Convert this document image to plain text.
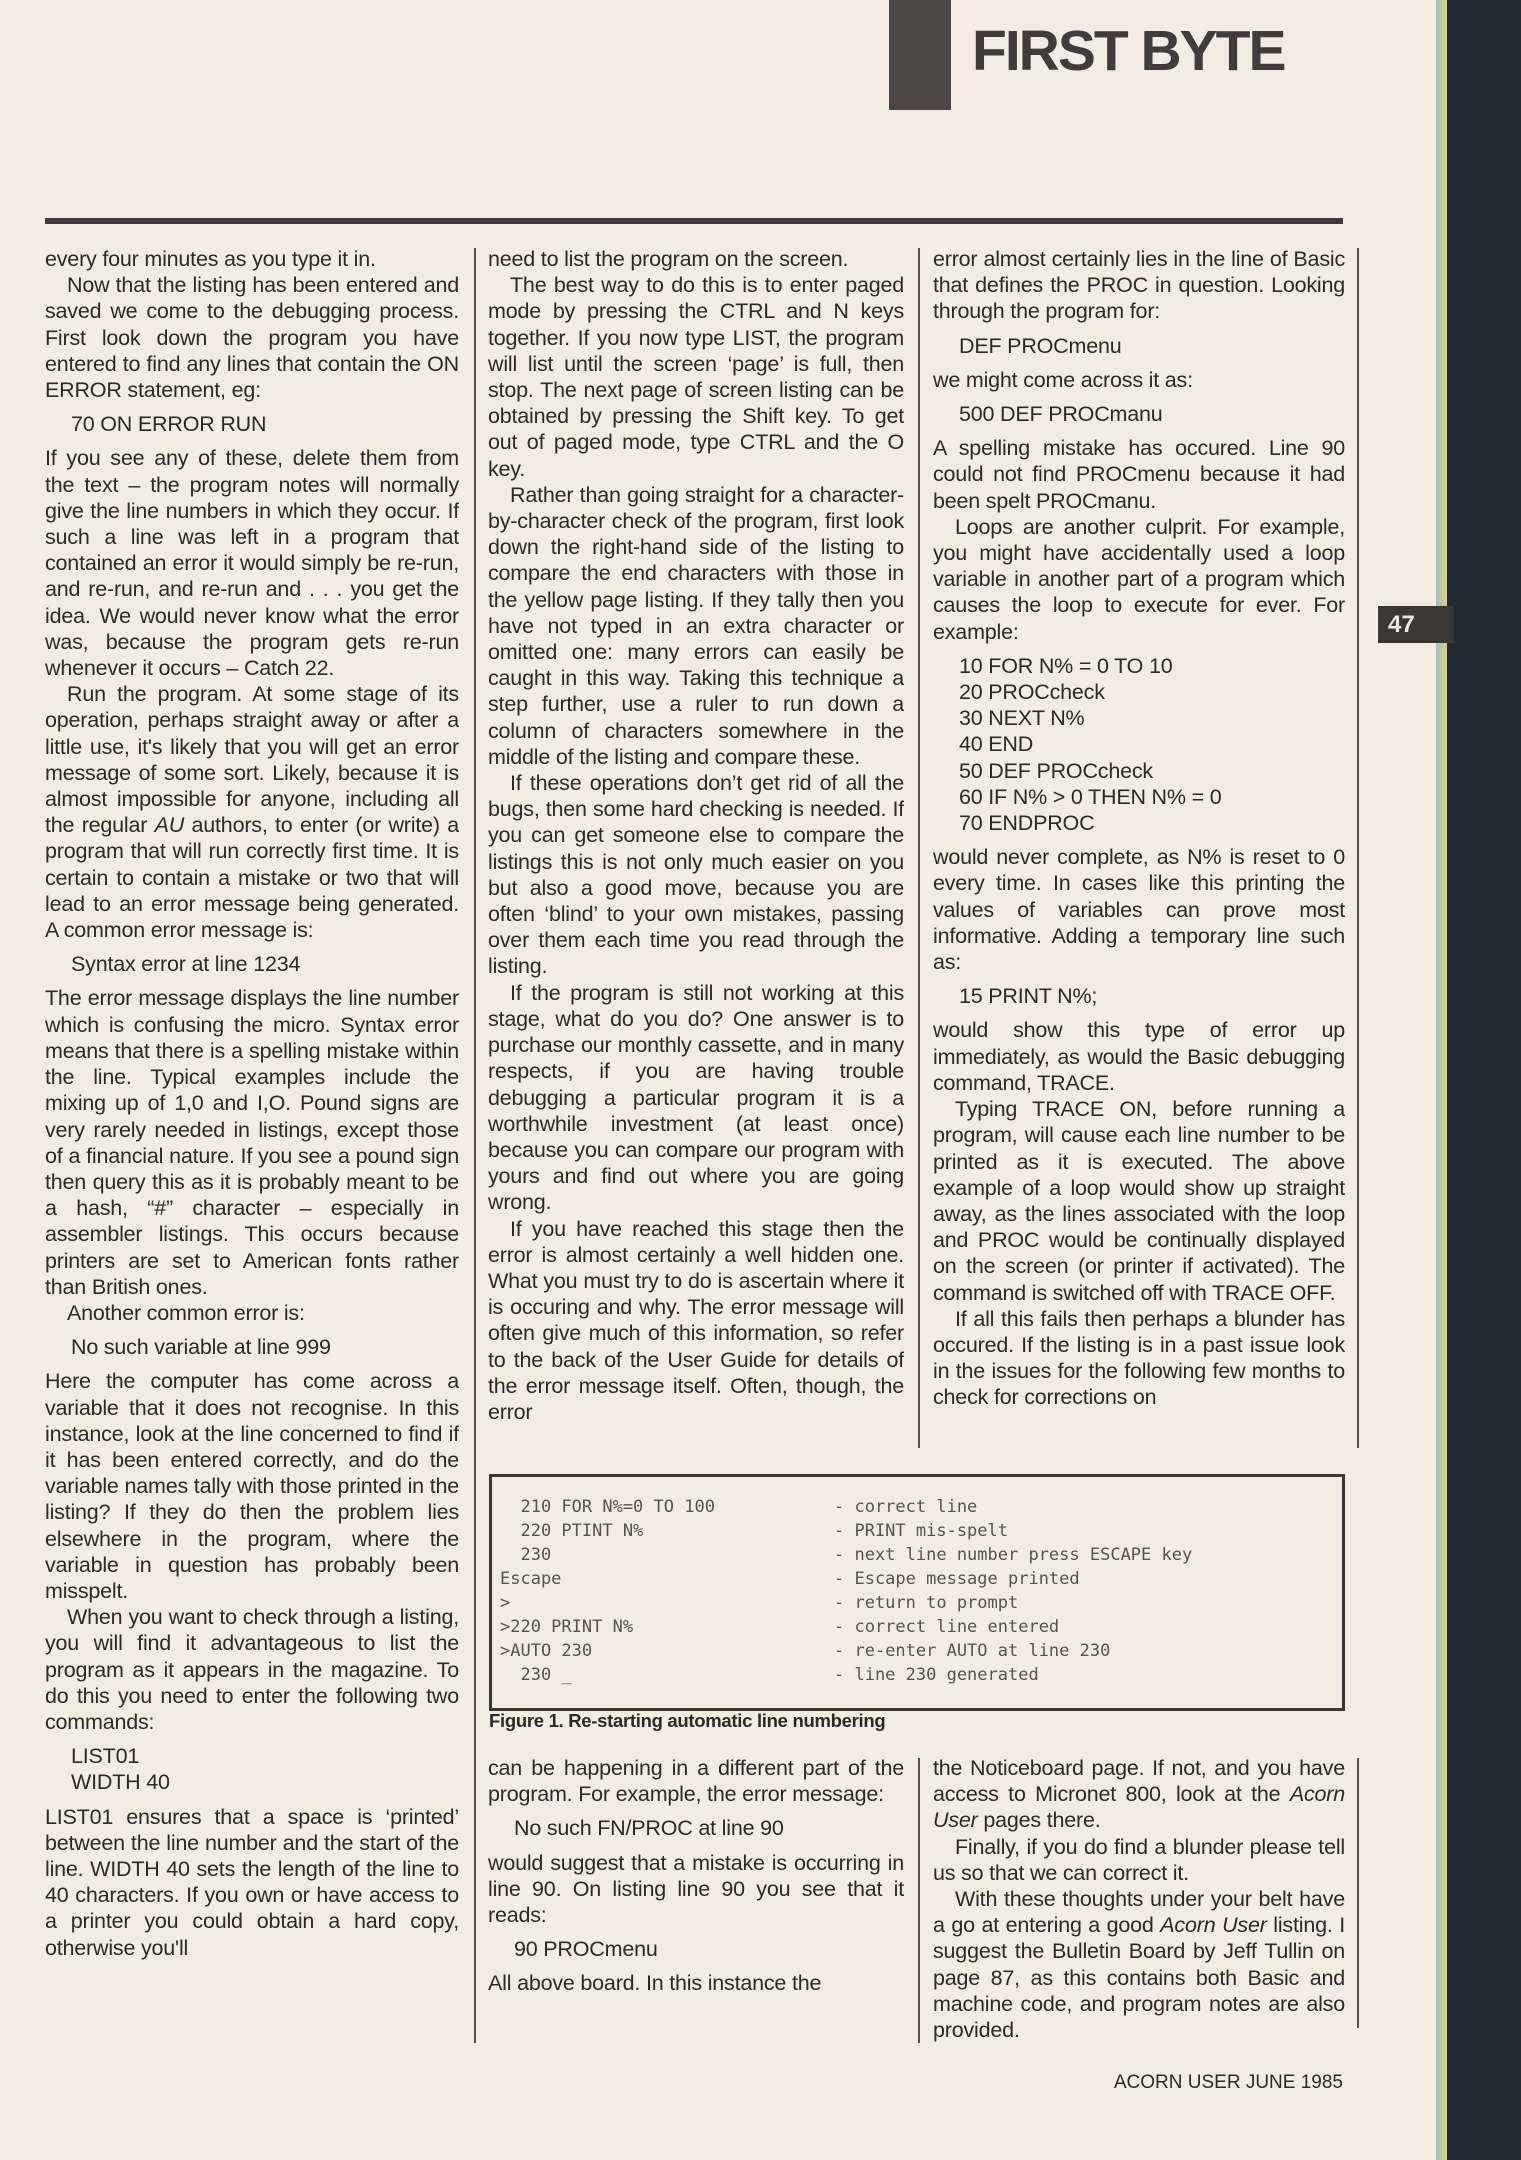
FIRST BYTE
47

every four minutes as you type it in.

Now that the listing has been entered and saved we come to the debugging process. First look down the program you have entered to find any lines that contain the ON ERROR statement, eg:

70 ON ERROR RUN

If you see any of these, delete them from the text – the program notes will normally give the line numbers in which they occur. If such a line was left in a program that contained an error it would simply be re-run, and re-run, and re-run and . . . you get the idea. We would never know what the error was, because the program gets re-run whenever it occurs – Catch 22.

Run the program. At some stage of its operation, perhaps straight away or after a little use, it's likely that you will get an error message of some sort. Likely, because it is almost impossible for anyone, including all the regular AU authors, to enter (or write) a program that will run correctly first time. It is certain to contain a mistake or two that will lead to an error message being generated. A common error message is:

Syntax error at line 1234

The error message displays the line number which is confusing the micro. Syntax error means that there is a spelling mistake within the line. Typical examples include the mixing up of 1,0 and I,O. Pound signs are very rarely needed in listings, except those of a financial nature. If you see a pound sign then query this as it is probably meant to be a hash, “#” character – especially in assembler listings. This occurs because printers are set to American fonts rather than British ones.

Another common error is:

No such variable at line 999

Here the computer has come across a variable that it does not recognise. In this instance, look at the line concerned to find if it has been entered correctly, and do the variable names tally with those printed in the listing? If they do then the problem lies elsewhere in the program, where the variable in question has probably been misspelt.

When you want to check through a listing, you will find it advantageous to list the program as it appears in the magazine. To do this you need to enter the following two commands:

LIST01
WIDTH 40

LIST01 ensures that a space is ‘printed’ between the line number and the start of the line. WIDTH 40 sets the length of the line to 40 characters. If you own or have access to a printer you could obtain a hard copy, otherwise you'll

need to list the program on the screen.

The best way to do this is to enter paged mode by pressing the CTRL and N keys together. If you now type LIST, the program will list until the screen ‘page’ is full, then stop. The next page of screen listing can be obtained by pressing the Shift key. To get out of paged mode, type CTRL and the O key.

Rather than going straight for a character-by-character check of the program, first look down the right-hand side of the listing to compare the end characters with those in the yellow page listing. If they tally then you have not typed in an extra character or omitted one: many errors can easily be caught in this way. Taking this technique a step further, use a ruler to run down a column of characters somewhere in the middle of the listing and compare these.

If these operations don’t get rid of all the bugs, then some hard checking is needed. If you can get someone else to compare the listings this is not only much easier on you but also a good move, because you are often ‘blind’ to your own mistakes, passing over them each time you read through the listing.

If the program is still not working at this stage, what do you do? One answer is to purchase our monthly cassette, and in many respects, if you are having trouble debugging a particular program it is a worthwhile investment (at least once) because you can compare our program with yours and find out where you are going wrong.

If you have reached this stage then the error is almost certainly a well hidden one. What you must try to do is ascertain where it is occuring and why. The error message will often give much of this information, so refer to the back of the User Guide for details of the error message itself. Often, though, the error

error almost certainly lies in the line of Basic that defines the PROC in question. Looking through the program for:

DEF PROCmenu

we might come across it as:

500 DEF PROCmanu

A spelling mistake has occured. Line 90 could not find PROCmenu because it had been spelt PROCmanu.

Loops are another culprit. For example, you might have accidentally used a loop variable in another part of a program which causes the loop to execute for ever. For example:

10 FOR N% = 0 TO 10
20 PROCcheck
30 NEXT N%
40 END
50 DEF PROCcheck
60 IF N% > 0 THEN N% = 0
70 ENDPROC

would never complete, as N% is reset to 0 every time. In cases like this printing the values of variables can prove most informative. Adding a temporary line such as:

15 PRINT N%;

would show this type of error up immediately, as would the Basic debugging command, TRACE.

Typing TRACE ON, before running a program, will cause each line number to be printed as it is executed. The above example of a loop would show up straight away, as the lines associated with the loop and PROC would be continually displayed on the screen (or printer if activated). The command is switched off with TRACE OFF.

If all this fails then perhaps a blunder has occured. If the listing is in a past issue look in the issues for the following few months to check for corrections on

can be happening in a different part of the program. For example, the error message:

No such FN/PROC at line 90

would suggest that a mistake is occurring in line 90. On listing line 90 you see that it reads:

90 PROCmenu

All above board. In this instance the

the Noticeboard page. If not, and you have access to Micronet 800, look at the Acorn User pages there.

Finally, if you do find a blunder please tell us so that we can correct it.

With these thoughts under your belt have a go at entering a good Acorn User listing. I suggest the Bulletin Board by Jeff Tullin on page 87, as this contains both Basic and machine code, and program notes are also provided.

210 FOR N%=0 TO 100	- correct line
220 PTINT N%	- PRINT mis-spelt
230	- next line number press ESCAPE key
Escape	- Escape message printed
>	- return to prompt
>220 PRINT N%	- correct line entered
>AUTO 230	- re-enter AUTO at line 230
230 _	- line 230 generated
Figure 1. Re-starting automatic line numbering
ACORN USER JUNE 1985
